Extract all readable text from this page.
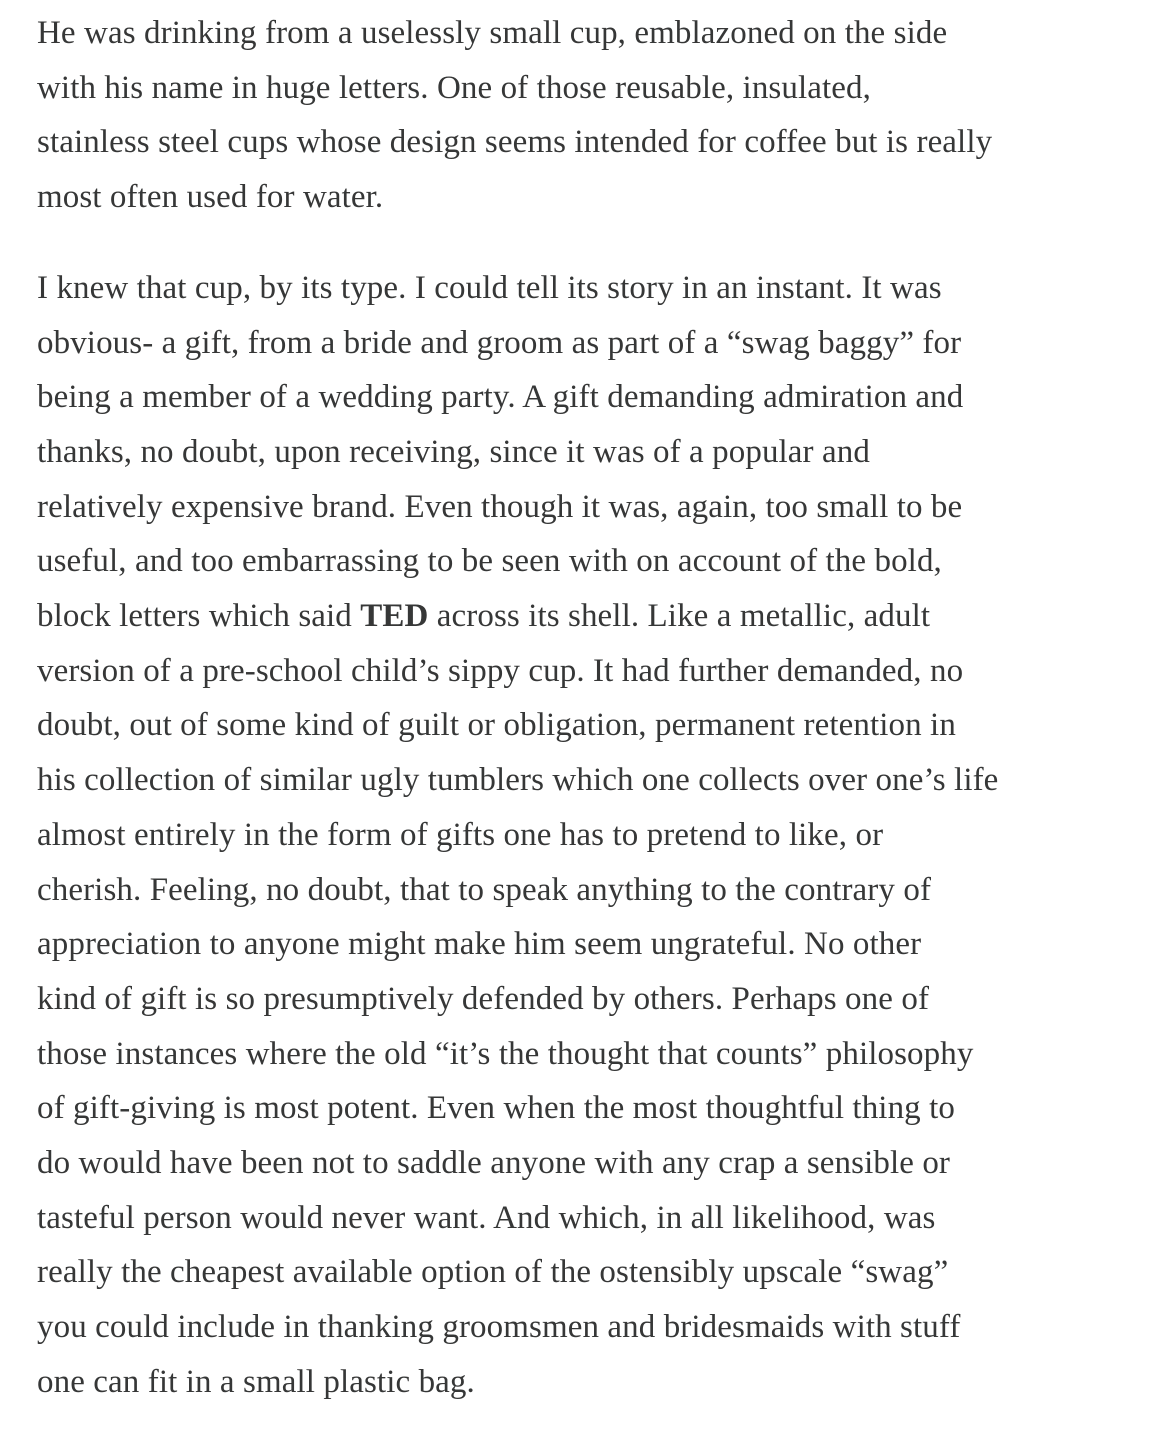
He was drinking from a uselessly small cup, emblazoned on the side
with his name in huge letters. One of those reusable, insulated,
stainless steel cups whose design seems intended for coffee but is really
most often used for water.

I knew that cup, by its type. I could tell its story in an instant. It was
obvious- a gift, from a bride and groom as part of a “swag baggy” for
being a member of a wedding party. A gift demanding admiration and
thanks, no doubt, upon receiving, since it was of a popular and
relatively expensive brand. Even though it was, again, too small to be
useful, and too embarrassing to be seen with on account of the bold,
block letters which said TED across its shell. Like a metallic, adult
version of a pre-school child’s sippy cup. It had further demanded, no
doubt, out of some kind of guilt or obligation, permanent retention in
his collection of similar ugly tumblers which one collects over one’s life
almost entirely in the form of gifts one has to pretend to like, or
cherish. Feeling, no doubt, that to speak anything to the contrary of
appreciation to anyone might make him seem ungrateful. No other
kind of gift is so presumptively defended by others. Perhaps one of
those instances where the old “it’s the thought that counts” philosophy
of gift-giving is most potent. Even when the most thoughtful thing to
do would have been not to saddle anyone with any crap a sensible or
tasteful person would never want. And which, in all likelihood, was
really the cheapest available option of the ostensibly upscale “swag”
you could include in thanking groomsmen and bridesmaids with stuff
one can fit in a small plastic bag.
